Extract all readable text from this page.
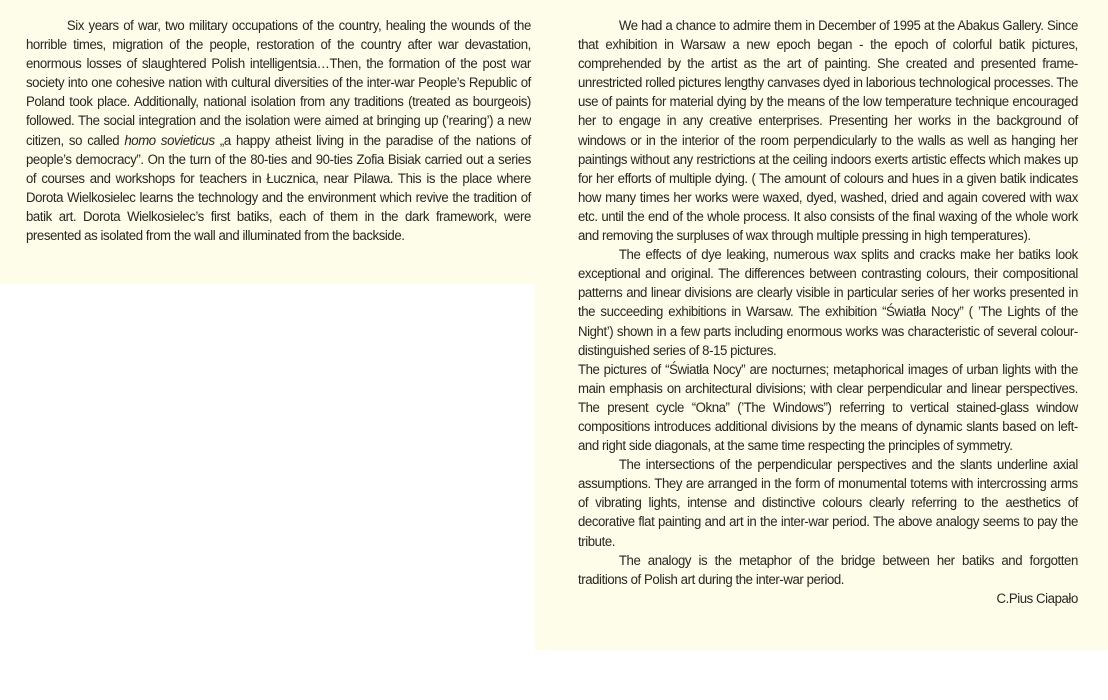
Six years of war, two military occupations of the country, healing the wounds of the horrible times, migration of the people, restoration of the country after war devastation, enormous losses of slaughtered Polish intelligentsia…Then, the formation of the post war society into one cohesive nation with cultural diversities of the inter-war People’s Republic of Poland took place. Additionally, national isolation from any traditions (treated as bourgeois) followed. The social integration and the isolation were aimed at bringing up (’rearing’) a new citizen, so called homo sovieticus „a happy atheist living in the paradise of the nations of people’s democracy”. On the turn of the 80-ties and 90-ties Zofia Bisiak carried out a series of courses and workshops for teachers in Łucznica, near Pilawa. This is the place where Dorota Wielkosielec learns the technology and the environment which revive the tradition of batik art. Dorota Wielkosielec’s first batiks, each of them in the dark framework, were presented as isolated from the wall and illuminated from the backside.

We had a chance to admire them in December of 1995 at the Abakus Gallery. Since that exhibition in Warsaw a new epoch began - the epoch of colorful batik pictures, comprehended by the artist as the art of painting. She created and presented frame-unrestricted rolled pictures lengthy canvases dyed in laborious technological processes. The use of paints for material dying by the means of the low temperature technique encouraged her to engage in any creative enterprises. Presenting her works in the background of windows or in the interior of the room perpendicularly to the walls as well as hanging her paintings without any restrictions at the ceiling indoors exerts artistic effects which makes up for her efforts of multiple dying. ( The amount of colours and hues in a given batik indicates how many times her works were waxed, dyed, washed, dried and again covered with wax etc. until the end of the whole process. It also consists of the final waxing of the whole work and removing the surpluses of wax through multiple pressing in high temperatures).

The effects of dye leaking, numerous wax splits and cracks make her batiks look exceptional and original. The differences between contrasting colours, their compositional patterns and linear divisions are clearly visible in particular series of her works presented in the succeeding exhibitions in Warsaw. The exhibition “Światła Nocy” ( ’The Lights of the Night’) shown in a few parts including enormous works was characteristic of several colour-distinguished series of 8-15 pictures.

The pictures of “Światła Nocy” are nocturnes; metaphorical images of urban lights with the main emphasis on architectural divisions; with clear perpendicular and linear perspectives. The present cycle “Okna” (’The Windows”) referring to vertical stained-glass window compositions introduces additional divisions by the means of dynamic slants based on left- and right side diagonals, at the same time respecting the principles of symmetry.

The intersections of the perpendicular perspectives and the slants underline axial assumptions. They are arranged in the form of monumental totems with intercrossing arms of vibrating lights, intense and distinctive colours clearly referring to the aesthetics of decorative flat painting and art in the inter-war period. The above analogy seems to pay the tribute.

The analogy is the metaphor of the bridge between her batiks and forgotten traditions of Polish art during the inter-war period.

C.Pius Ciapało
